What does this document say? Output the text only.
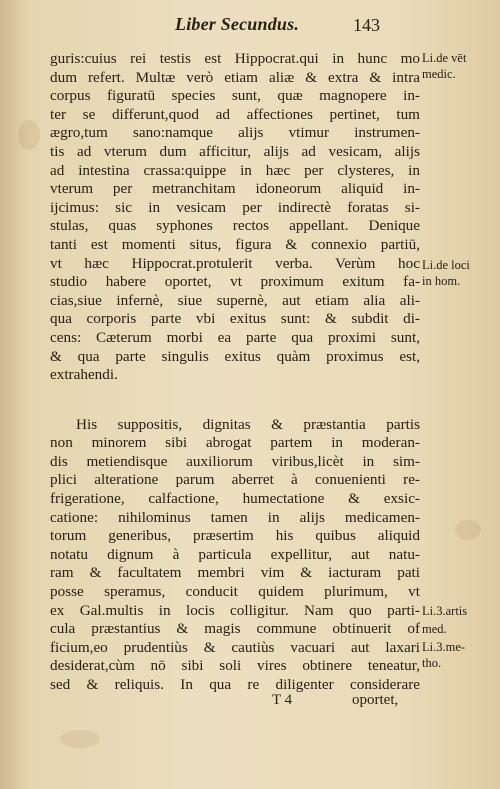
Liber Secundus.	143
guris:cuius rei testis est Hippocrat.qui in hunc mo
dum refert. Multæ verò etiam aliæ & extra & intra
corpus figuratū species sunt, quæ magnopere in-
ter se differunt,quod ad affectiones pertinet, tum
ægro,tum sano:namque alijs vtimur instrumen-
tis ad vterum dum afficitur, alijs ad vesicam, alijs
ad intestina crassa:quippe in hæc per clysteres, in
vterum per metranchitam idoneorum aliquid in-
ijcimus: sic in vesicam per indirectè foratas si-
stulas, quas syphones rectos appellant. Denique
tanti est momenti situs, figura & connexio partiū,
vt hæc Hippocrat.protulerit verba. Verùm hoc
studio habere oportet, vt proximum exitum fa-
cias,siue infernè, siue supernè, aut etiam alia ali-
qua corporis parte vbi exitus sunt: & subdit di-
cens: Cæterum morbi ea parte qua proximi sunt,
& qua parte singulis exitus quàm proximus est,
extrahendi.
His suppositis, dignitas & præstantia partis
non minorem sibi abrogat partem in moderan-
dis metiendisque auxiliorum viribus,licèt in sim-
plici alteratione parum aberret à conuenienti re-
frigeratione, calfactione, humectatione & exsic-
catione: nihilominus tamen in alijs medicamen-
torum generibus, præsertim his quibus aliquid
notatu dignum à particula expellitur, aut natu-
ram & facultatem membri vim & iacturam pati
posse speramus, conducit quidem plurimum, vt
ex Gal.multis in locis colligitur. Nam quo parti-
cula præstantius & magis commune obtinuerit of
ficium,eo prudentiùs & cautiùs vacuari aut laxari
desiderat,cùm nō sibi soli vires obtinere teneatur,
sed & reliquis. In qua re diligenter considerare
Li.de vēt
medic.
Li.de loci
in hom.
Li.3.artis
med.
Li.3.me-
tho.
T 4	oportet,
